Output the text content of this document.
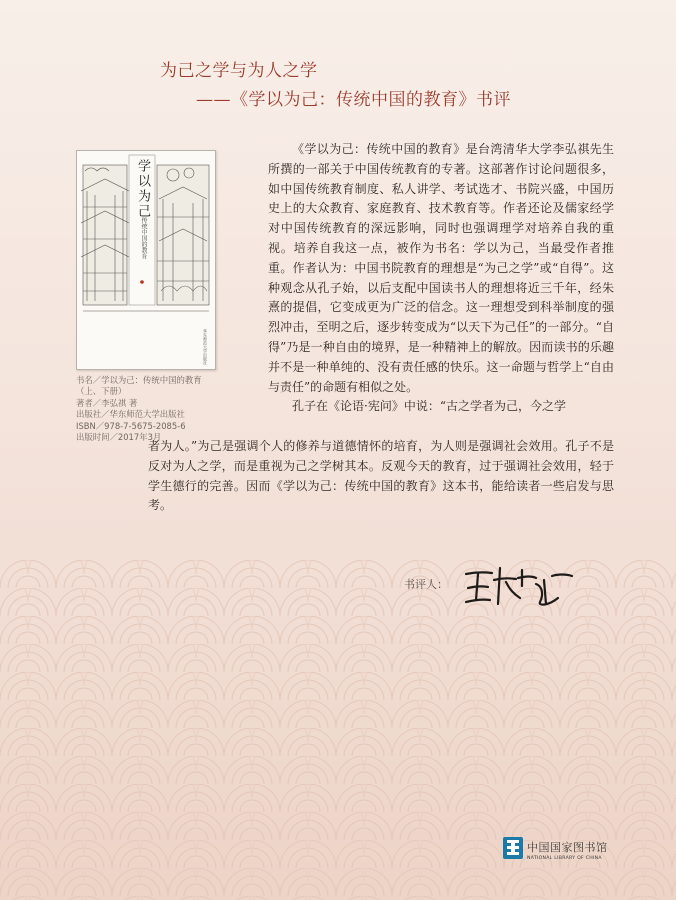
为己之学与为人之学
——《学以为己：传统中国的教育》书评
学以为己
传统中国的教育
华东师范大学出版社
书名／学以为己：传统中国的教育
（上、下册）
著者／李弘祺 著
出版社／华东师范大学出版社
ISBN／978-7-5675-2085-6
出版时间／2017年3月

《学以为己：传统中国的教育》是台湾清华大学李弘祺先生所撰的一部关于中国传统教育的专著。这部著作讨论问题很多，如中国传统教育制度、私人讲学、考试选才、书院兴盛，中国历史上的大众教育、家庭教育、技术教育等。作者还论及儒家经学对中国传统教育的深远影响，同时也强调理学对培养自我的重视。培养自我这一点，被作为书名：学以为己，当最受作者推重。作者认为：中国书院教育的理想是“为己之学”或“自得”。这种观念从孔子始，以后支配中国读书人的理想将近三千年，经朱熹的提倡，它变成更为广泛的信念。这一理想受到科举制度的强烈冲击，至明之后，逐步转变成为“以天下为己任”的一部分。“自得”乃是一种自由的境界，是一种精神上的解放。因而读书的乐趣并不是一种单纯的、没有责任感的快乐。这一命题与哲学上“自由与责任”的命题有相似之处。

孔子在《论语·宪问》中说：“古之学者为己，今之学

者为人。”为己是强调个人的修养与道德情怀的培育，为人则是强调社会效用。孔子不是反对为人之学，而是重视为己之学树其本。反观今天的教育，过于强调社会效用，轻于学生德行的完善。因而《学以为己：传统中国的教育》这本书，能给读者一些启发与思考。

书评人：
中国国家图书馆
NATIONAL LIBRARY OF CHINA
